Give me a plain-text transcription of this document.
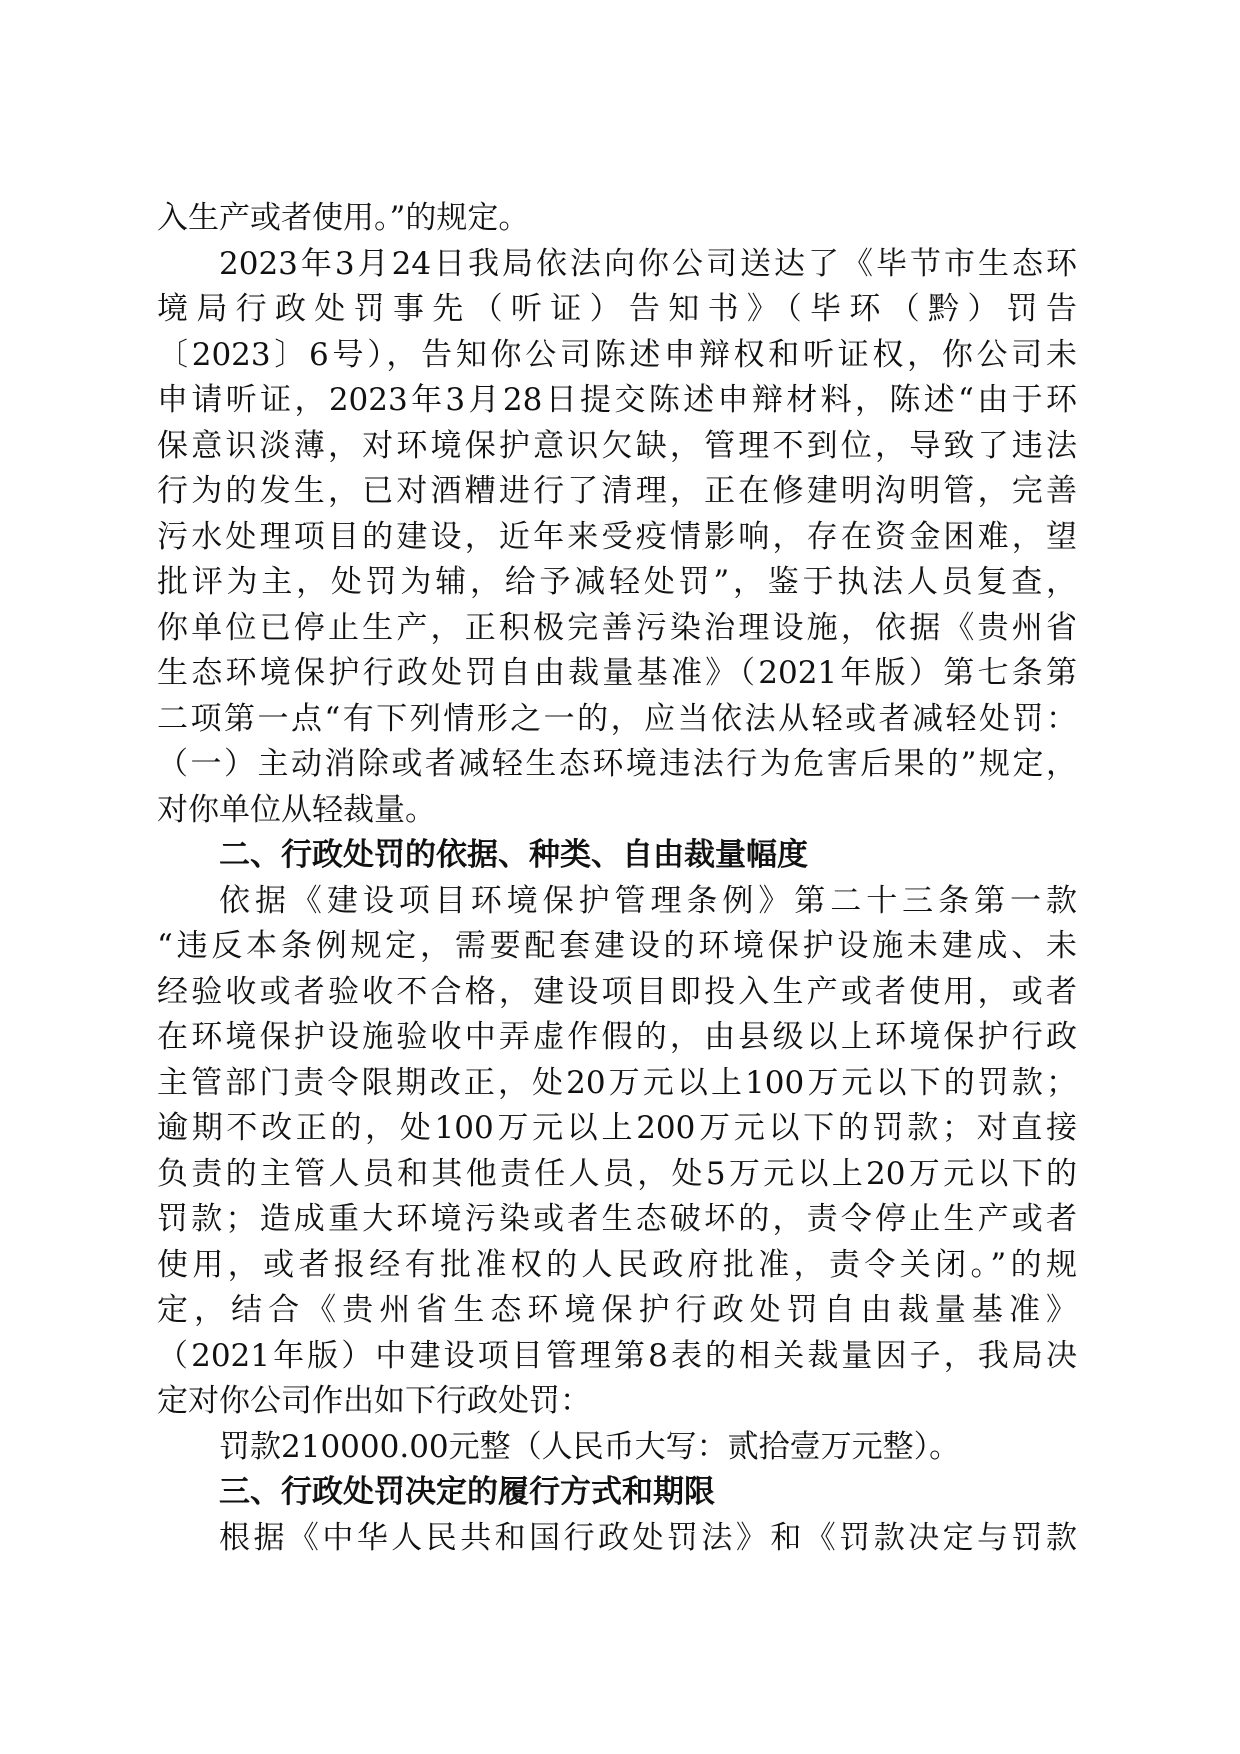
入生产或者使用。”的规定。

2023年3月24日我局依法向你公司送达了《毕节市生态环

境局行政处罚事先（听证）告知书》（毕环（黔）罚告

〔2023〕6号），告知你公司陈述申辩权和听证权，你公司未

申请听证，2023年3月28日提交陈述申辩材料，陈述“由于环

保意识淡薄，对环境保护意识欠缺，管理不到位，导致了违法

行为的发生，已对酒糟进行了清理，正在修建明沟明管，完善

污水处理项目的建设，近年来受疫情影响，存在资金困难，望

批评为主，处罚为辅，给予减轻处罚”，鉴于执法人员复查，

你单位已停止生产，正积极完善污染治理设施，依据《贵州省

生态环境保护行政处罚自由裁量基准》（2021年版）第七条第

二项第一点“有下列情形之一的，应当依法从轻或者减轻处罚：

（一）主动消除或者减轻生态环境违法行为危害后果的”规定，

对你单位从轻裁量。

二、行政处罚的依据、种类、自由裁量幅度

依据《建设项目环境保护管理条例》第二十三条第一款

“违反本条例规定，需要配套建设的环境保护设施未建成、未

经验收或者验收不合格，建设项目即投入生产或者使用，或者

在环境保护设施验收中弄虚作假的，由县级以上环境保护行政

主管部门责令限期改正，处20万元以上100万元以下的罚款；

逾期不改正的，处100万元以上200万元以下的罚款；对直接

负责的主管人员和其他责任人员，处5万元以上20万元以下的

罚款；造成重大环境污染或者生态破坏的，责令停止生产或者

使用，或者报经有批准权的人民政府批准，责令关闭。”的规

定，结合《贵州省生态环境保护行政处罚自由裁量基准》

（2021年版）中建设项目管理第8表的相关裁量因子，我局决

定对你公司作出如下行政处罚：

罚款210000.00元整（人民币大写：贰拾壹万元整）。

三、行政处罚决定的履行方式和期限

根据《中华人民共和国行政处罚法》和《罚款决定与罚款
